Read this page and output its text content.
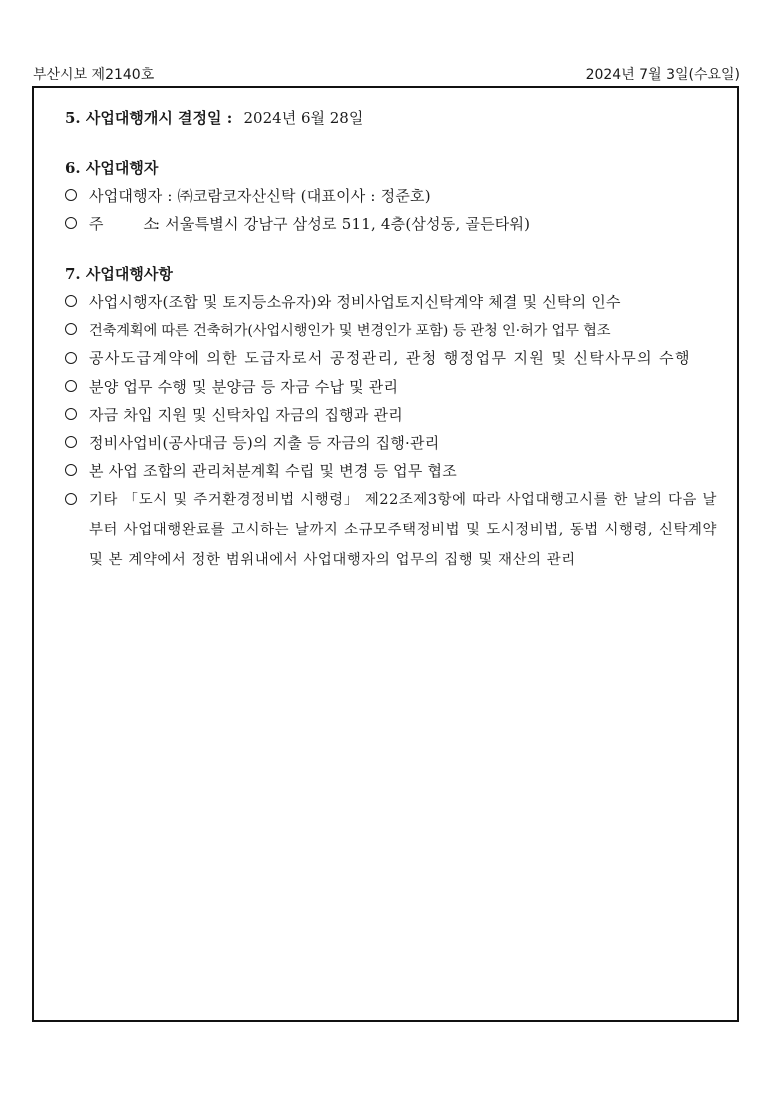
부산시보 제2140호	2024년 7월 3일(수요일)
5. 사업대행개시 결정일 : 2024년 6월 28일
6. 사업대행자
사업대행자 : ㈜코람코자산신탁 (대표이사 : 정준호)
주        소: 서울특별시 강남구 삼성로 511, 4층(삼성동, 골든타워)
7. 사업대행사항
사업시행자(조합 및 토지등소유자)와 정비사업토지신탁계약 체결 및 신탁의 인수
건축계획에 따른 건축허가(사업시행인가 및 변경인가 포함) 등 관청 인·허가 업무 협조
공사도급계약에 의한 도급자로서 공정관리, 관청 행정업무 지원 및 신탁사무의 수행
분양 업무 수행 및 분양금 등 자금 수납 및 관리
자금 차입 지원 및 신탁차입 자금의 집행과 관리
정비사업비(공사대금 등)의 지출 등 자금의 집행·관리
본 사업 조합의 관리처분계획 수립 및 변경 등 업무 협조
기타 「도시 및 주거환경정비법 시행령」 제22조제3항에 따라 사업대행고시를 한 날의 다음 날부터 사업대행완료를 고시하는 날까지 소규모주택정비법 및 도시정비법, 동법 시행령, 신탁계약 및 본 계약에서 정한 범위내에서 사업대행자의 업무의 집행 및 재산의 관리
